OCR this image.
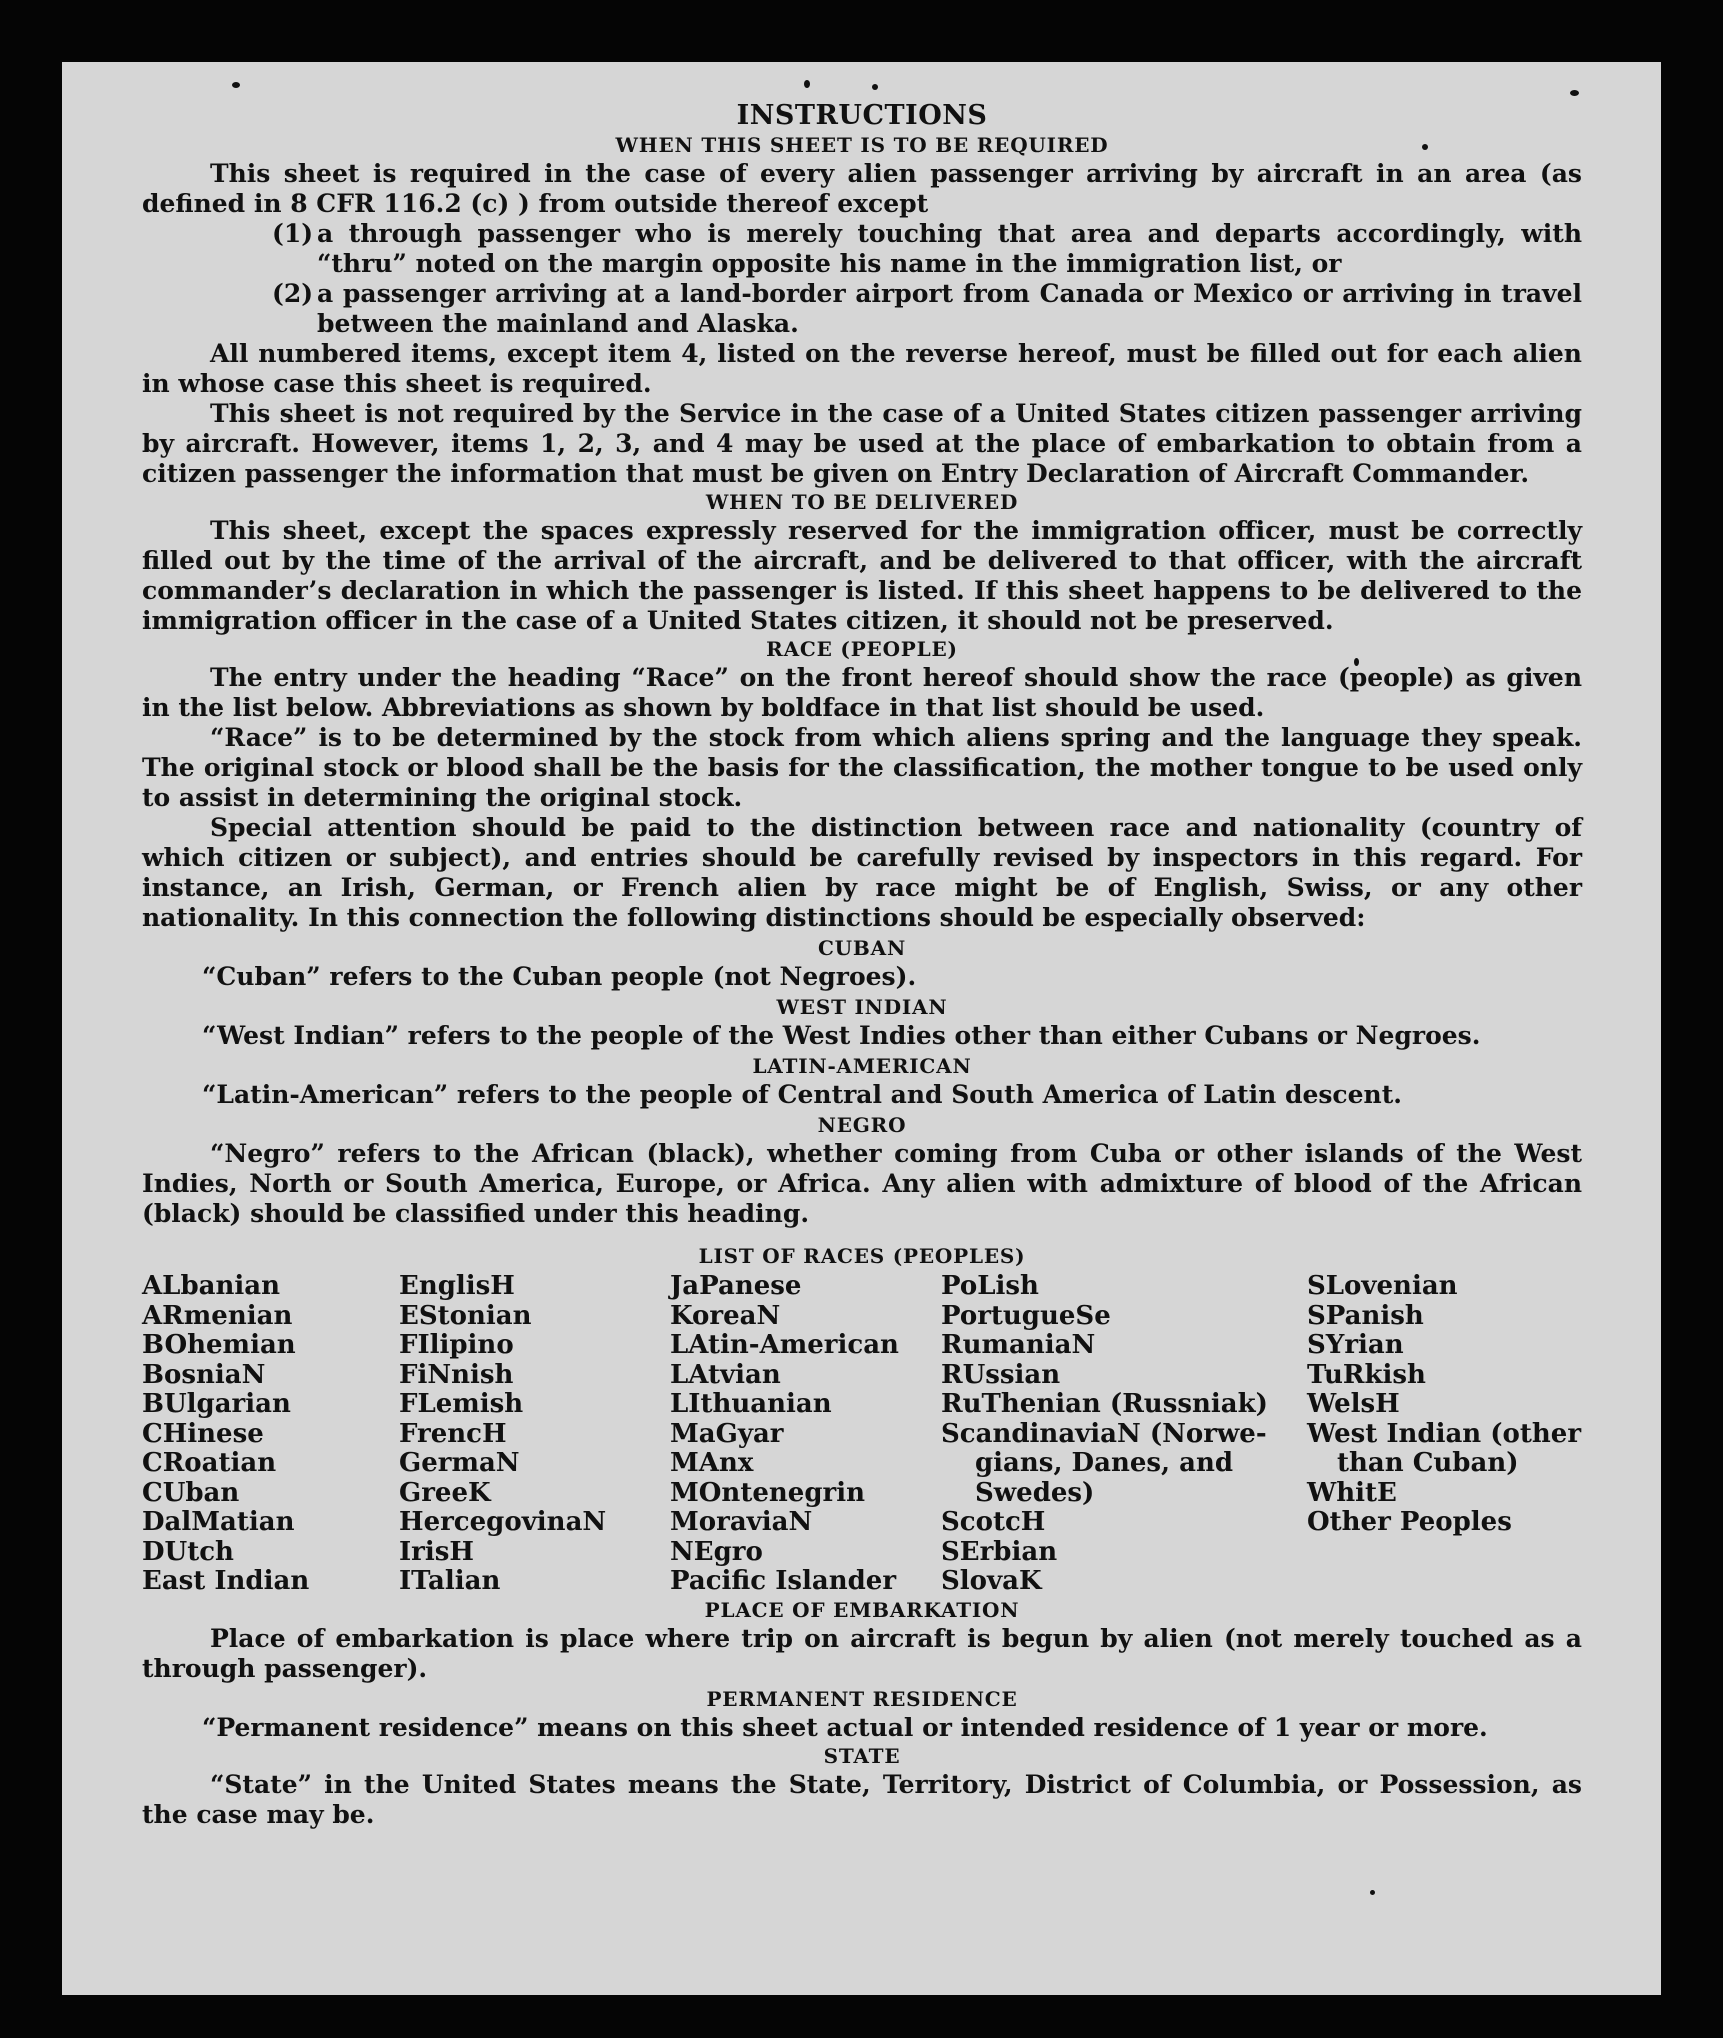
INSTRUCTIONS
WHEN THIS SHEET IS TO BE REQUIRED

This sheet is required in the case of every alien passenger arriving by aircraft in an area (as defined in 8 CFR 116.2 (c) ) from outside thereof except

(1) a through passenger who is merely touching that area and departs accordingly, with “thru” noted on the margin opposite his name in the immigration list, or
(2) a passenger arriving at a land-border airport from Canada or Mexico or arriving in travel between the mainland and Alaska.

All numbered items, except item 4, listed on the reverse hereof, must be filled out for each alien in whose case this sheet is required.

This sheet is not required by the Service in the case of a United States citizen passenger arriving by aircraft. However, items 1, 2, 3, and 4 may be used at the place of embarkation to obtain from a citizen passenger the information that must be given on Entry Declaration of Aircraft Commander.

WHEN TO BE DELIVERED

This sheet, except the spaces expressly reserved for the immigration officer, must be correctly filled out by the time of the arrival of the aircraft, and be delivered to that officer, with the aircraft commander’s declaration in which the passenger is listed. If this sheet happens to be delivered to the immigration officer in the case of a United States citizen, it should not be preserved.

RACE (PEOPLE)

The entry under the heading “Race” on the front hereof should show the race (people) as given in the list below. Abbreviations as shown by boldface in that list should be used.

“Race” is to be determined by the stock from which aliens spring and the language they speak. The original stock or blood shall be the basis for the classification, the mother tongue to be used only to assist in determining the original stock.

Special attention should be paid to the distinction between race and nationality (country of which citizen or subject), and entries should be carefully revised by inspectors in this regard. For instance, an Irish, German, or French alien by race might be of English, Swiss, or any other nationality. In this connection the following distinctions should be especially observed:

CUBAN

“Cuban” refers to the Cuban people (not Negroes).

WEST INDIAN

“West Indian” refers to the people of the West Indies other than either Cubans or Negroes.

LATIN-AMERICAN

“Latin-American” refers to the people of Central and South America of Latin descent.

NEGRO

“Negro” refers to the African (black), whether coming from Cuba or other islands of the West Indies, North or South America, Europe, or Africa. Any alien with admixture of blood of the African (black) should be classified under this heading.

LIST OF RACES (PEOPLES)
ALbanian
ARmenian
BOhemian
BosniaN
BUlgarian
CHinese
CRoatian
CUban
DalMatian
DUtch
East Indian
EnglisH
EStonian
FIlipino
FiNnish
FLemish
FrencH
GermaN
GreeK
HercegovinaN
IrisH
ITalian
JaPanese
KoreaN
LAtin-American
LAtvian
LIthuanian
MaGyar
MAnx
MOntenegrin
MoraviaN
NEgro
Pacific Islander
PoLish
PortugueSe
RumaniaN
RUssian
RuThenian (Russniak)
ScandinaviaN (Norwe-
gians, Danes, and
Swedes)
ScotcH
SErbian
SlovaK
SLovenian
SPanish
SYrian
TuRkish
WelsH
West Indian (other
than Cuban)
WhitE
Other Peoples
PLACE OF EMBARKATION

Place of embarkation is place where trip on aircraft is begun by alien (not merely touched as a through passenger).

PERMANENT RESIDENCE

“Permanent residence” means on this sheet actual or intended residence of 1 year or more.

STATE

“State” in the United States means the State, Territory, District of Columbia, or Possession, as the case may be.
